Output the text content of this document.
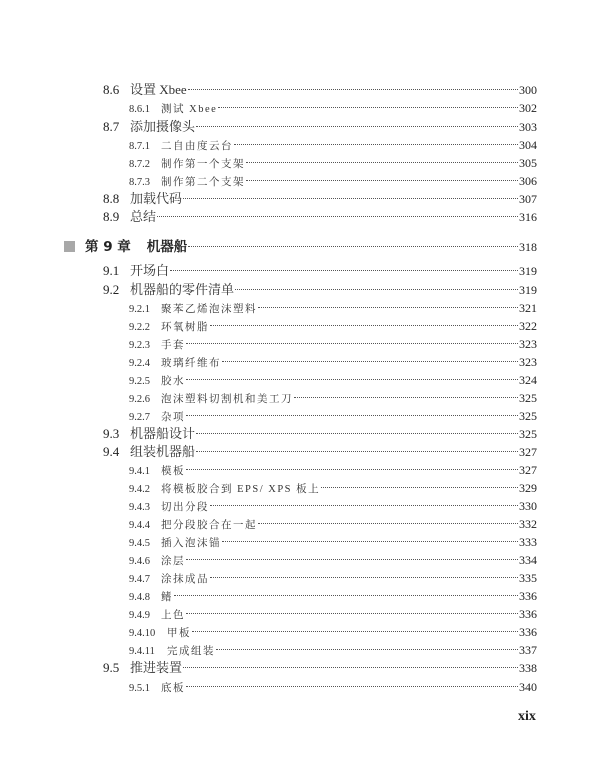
8.6 设置 Xbee	300
8.6.1	测试 Xbee	302
8.7 添加摄像头	303
8.7.1	二自由度云台	304
8.7.2	制作第一个支架	305
8.7.3	制作第二个支架	306
8.8 加载代码	307
8.9 总结	316
第 9 章 机器船	318
9.1 开场白	319
9.2 机器船的零件清单	319
9.2.1	聚苯乙烯泡沫塑料	321
9.2.2	环氧树脂	322
9.2.3	手套	323
9.2.4	玻璃纤维布	323
9.2.5	胶水	324
9.2.6	泡沫塑料切割机和美工刀	325
9.2.7	杂项	325
9.3 机器船设计	325
9.4 组装机器船	327
9.4.1	模板	327
9.4.2	将模板胶合到 EPS/ XPS 板上	329
9.4.3	切出分段	330
9.4.4	把分段胶合在一起	332
9.4.5	插入泡沫锚	333
9.4.6	涂层	334
9.4.7	涂抹成品	335
9.4.8	鳍	336
9.4.9	上色	336
9.4.10	甲板	336
9.4.11	完成组装	337
9.5 推进装置	338
9.5.1	底板	340
xix
